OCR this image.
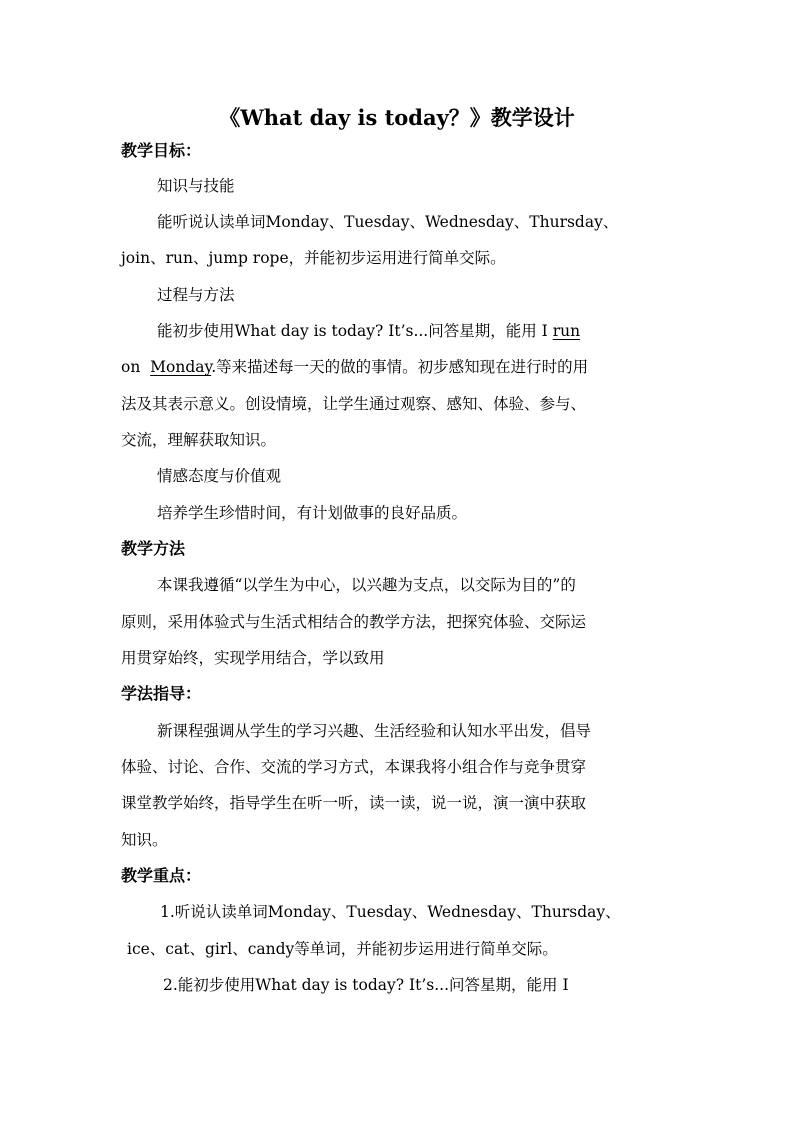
《What day is today？》教学设计
教学目标：
知识与技能
能听说认读单词Monday、Tuesday、Wednesday、Thursday、
join、run、jump rope，并能初步运用进行简单交际。
过程与方法
能初步使用What day is today? It’s...问答星期，能用 I run
on  Monday.等来描述每一天的做的事情。初步感知现在进行时的用
法及其表示意义。创设情境，让学生通过观察、感知、体验、参与、
交流，理解获取知识。
情感态度与价值观
培养学生珍惜时间，有计划做事的良好品质。
教学方法
本课我遵循“以学生为中心，以兴趣为支点，以交际为目的”的
原则，采用体验式与生活式相结合的教学方法，把探究体验、交际运
用贯穿始终，实现学用结合，学以致用
学法指导：
新课程强调从学生的学习兴趣、生活经验和认知水平出发，倡导
体验、讨论、合作、交流的学习方式，本课我将小组合作与竞争贯穿
课堂教学始终，指导学生在听一听，读一读，说一说，演一演中获取
知识。
教学重点：
1.听说认读单词Monday、Tuesday、Wednesday、Thursday、
ice、cat、girl、candy等单词，并能初步运用进行简单交际。
2.能初步使用What day is today? It’s...问答星期，能用 I
